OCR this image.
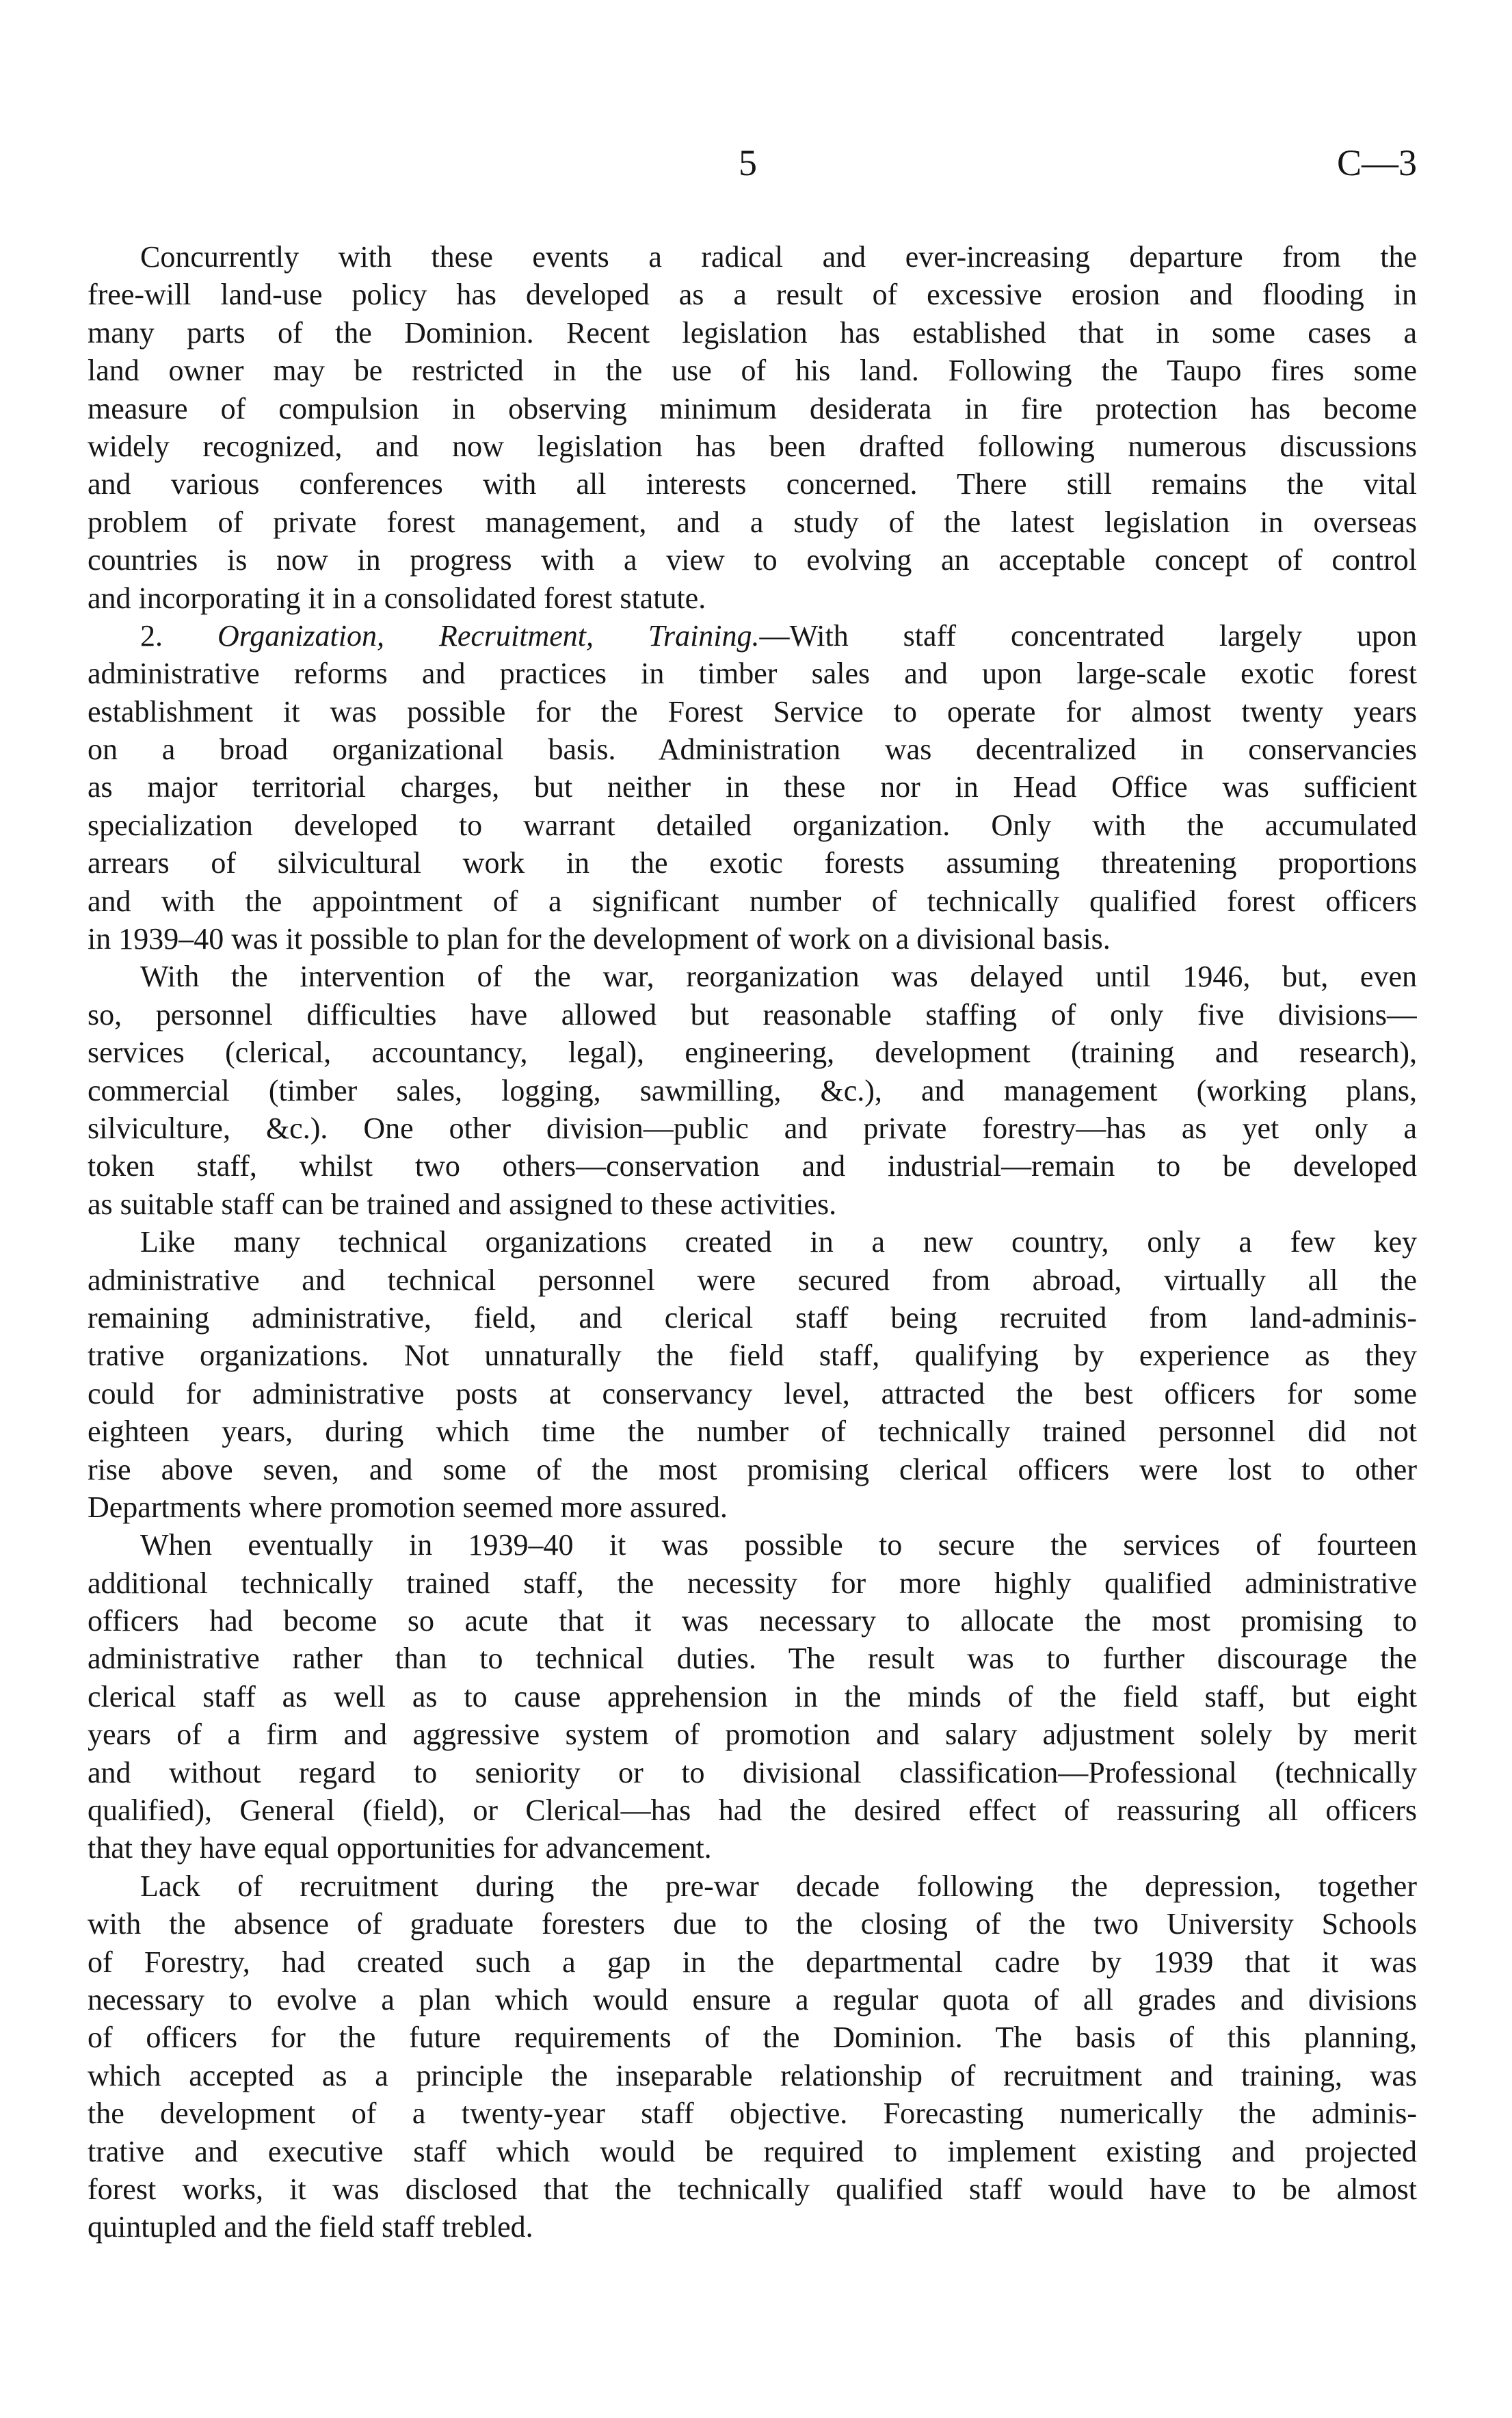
5	C—3
Concurrently with these events a radical and ever-increasing departure from the
free-will land-use policy has developed as a result of excessive erosion and flooding in
many parts of the Dominion. Recent legislation has established that in some cases a
land owner may be restricted in the use of his land. Following the Taupo fires some
measure of compulsion in observing minimum desiderata in fire protection has become
widely recognized, and now legislation has been drafted following numerous discussions
and various conferences with all interests concerned. There still remains the vital
problem of private forest management, and a study of the latest legislation in overseas
countries is now in progress with a view to evolving an acceptable concept of control
and incorporating it in a consolidated forest statute.
2. Organization, Recruitment, Training.—With staff concentrated largely upon
administrative reforms and practices in timber sales and upon large-scale exotic forest
establishment it was possible for the Forest Service to operate for almost twenty years
on a broad organizational basis. Administration was decentralized in conservancies
as major territorial charges, but neither in these nor in Head Office was sufficient
specialization developed to warrant detailed organization. Only with the accumulated
arrears of silvicultural work in the exotic forests assuming threatening proportions
and with the appointment of a significant number of technically qualified forest officers
in 1939–40 was it possible to plan for the development of work on a divisional basis.
With the intervention of the war, reorganization was delayed until 1946, but, even
so, personnel difficulties have allowed but reasonable staffing of only five divisions—
services (clerical, accountancy, legal), engineering, development (training and research),
commercial (timber sales, logging, sawmilling, &c.), and management (working plans,
silviculture, &c.). One other division—public and private forestry—has as yet only a
token staff, whilst two others—conservation and industrial—remain to be developed
as suitable staff can be trained and assigned to these activities.
Like many technical organizations created in a new country, only a few key
administrative and technical personnel were secured from abroad, virtually all the
remaining administrative, field, and clerical staff being recruited from land-adminis-
trative organizations. Not unnaturally the field staff, qualifying by experience as they
could for administrative posts at conservancy level, attracted the best officers for some
eighteen years, during which time the number of technically trained personnel did not
rise above seven, and some of the most promising clerical officers were lost to other
Departments where promotion seemed more assured.
When eventually in 1939–40 it was possible to secure the services of fourteen
additional technically trained staff, the necessity for more highly qualified administrative
officers had become so acute that it was necessary to allocate the most promising to
administrative rather than to technical duties. The result was to further discourage the
clerical staff as well as to cause apprehension in the minds of the field staff, but eight
years of a firm and aggressive system of promotion and salary adjustment solely by merit
and without regard to seniority or to divisional classification—Professional (technically
qualified), General (field), or Clerical—has had the desired effect of reassuring all officers
that they have equal opportunities for advancement.
Lack of recruitment during the pre-war decade following the depression, together
with the absence of graduate foresters due to the closing of the two University Schools
of Forestry, had created such a gap in the departmental cadre by 1939 that it was
necessary to evolve a plan which would ensure a regular quota of all grades and divisions
of officers for the future requirements of the Dominion. The basis of this planning,
which accepted as a principle the inseparable relationship of recruitment and training, was
the development of a twenty-year staff objective. Forecasting numerically the adminis-
trative and executive staff which would be required to implement existing and projected
forest works, it was disclosed that the technically qualified staff would have to be almost
quintupled and the field staff trebled.
